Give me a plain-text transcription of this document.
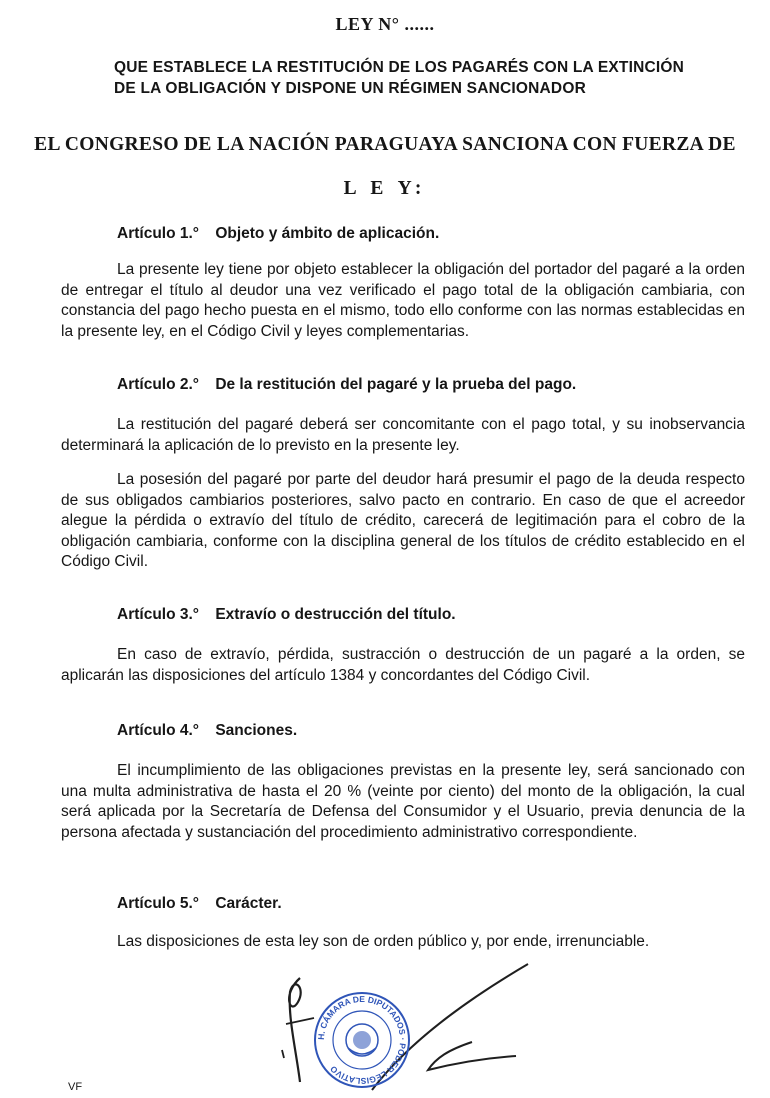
LEY N° ......
QUE ESTABLECE LA RESTITUCIÓN DE LOS PAGARÉS CON LA EXTINCIÓN
DE LA OBLIGACIÓN Y DISPONE UN RÉGIMEN SANCIONADOR
EL CONGRESO DE LA NACIÓN PARAGUAYA SANCIONA CON FUERZA DE
L E Y:
Artículo 1.° Objeto y ámbito de aplicación.

La presente ley tiene por objeto establecer la obligación del portador del pagaré a la orden de entregar el título al deudor una vez verificado el pago total de la obligación cambiaria, con constancia del pago hecho puesta en el mismo, todo ello conforme con las normas establecidas en la presente ley, en el Código Civil y leyes complementarias.

Artículo 2.° De la restitución del pagaré y la prueba del pago.

La restitución del pagaré deberá ser concomitante con el pago total, y su inobservancia determinará la aplicación de lo previsto en la presente ley.

La posesión del pagaré por parte del deudor hará presumir el pago de la deuda respecto de sus obligados cambiarios posteriores, salvo pacto en contrario. En caso de que el acreedor alegue la pérdida o extravío del título de crédito, carecerá de legitimación para el cobro de la obligación cambiaria, conforme con la disciplina general de los títulos de crédito establecido en el Código Civil.

Artículo 3.° Extravío o destrucción del título.

En caso de extravío, pérdida, sustracción o destrucción de un pagaré a la orden, se aplicarán las disposiciones del artículo 1384 y concordantes del Código Civil.

Artículo 4.° Sanciones.

El incumplimiento de las obligaciones previstas en la presente ley, será sancionado con una multa administrativa de hasta el 20 % (veinte por ciento) del monto de la obligación, la cual será aplicada por la Secretaría de Defensa del Consumidor y el Usuario, previa denuncia de la persona afectada y sustanciación del procedimiento administrativo correspondiente.

Artículo 5.° Carácter.

Las disposiciones de esta ley son de orden público y, por ende, irrenunciable.

H. CÁMARA DE DIPUTADOS · PODER LEGISLATIVO
VF
